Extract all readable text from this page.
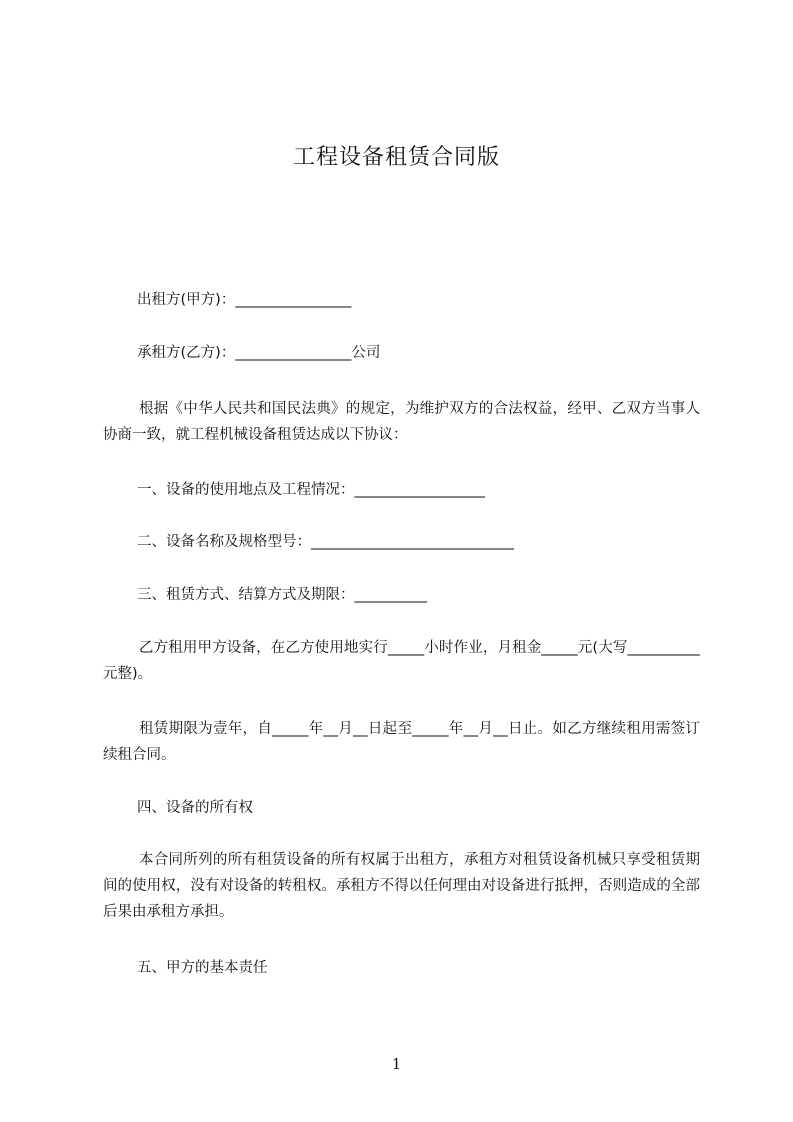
工程设备租赁合同版
出租方(甲方)：________________
承租方(乙方)：________________公司
根据《中华人民共和国民法典》的规定，为维护双方的合法权益，经甲、乙双方当事人协商一致，就工程机械设备租赁达成以下协议：
一、设备的使用地点及工程情况：__________________
二、设备名称及规格型号：____________________________
三、租赁方式、结算方式及期限：__________
乙方租用甲方设备，在乙方使用地实行_____小时作业，月租金_____元(大写__________元整)。
租赁期限为壹年，自_____年__月__日起至_____年__月__日止。如乙方继续租用需签订续租合同。
四、设备的所有权
本合同所列的所有租赁设备的所有权属于出租方，承租方对租赁设备机械只享受租赁期间的使用权，没有对设备的转租权。承租方不得以任何理由对设备进行抵押，否则造成的全部后果由承租方承担。
五、甲方的基本责任
1
